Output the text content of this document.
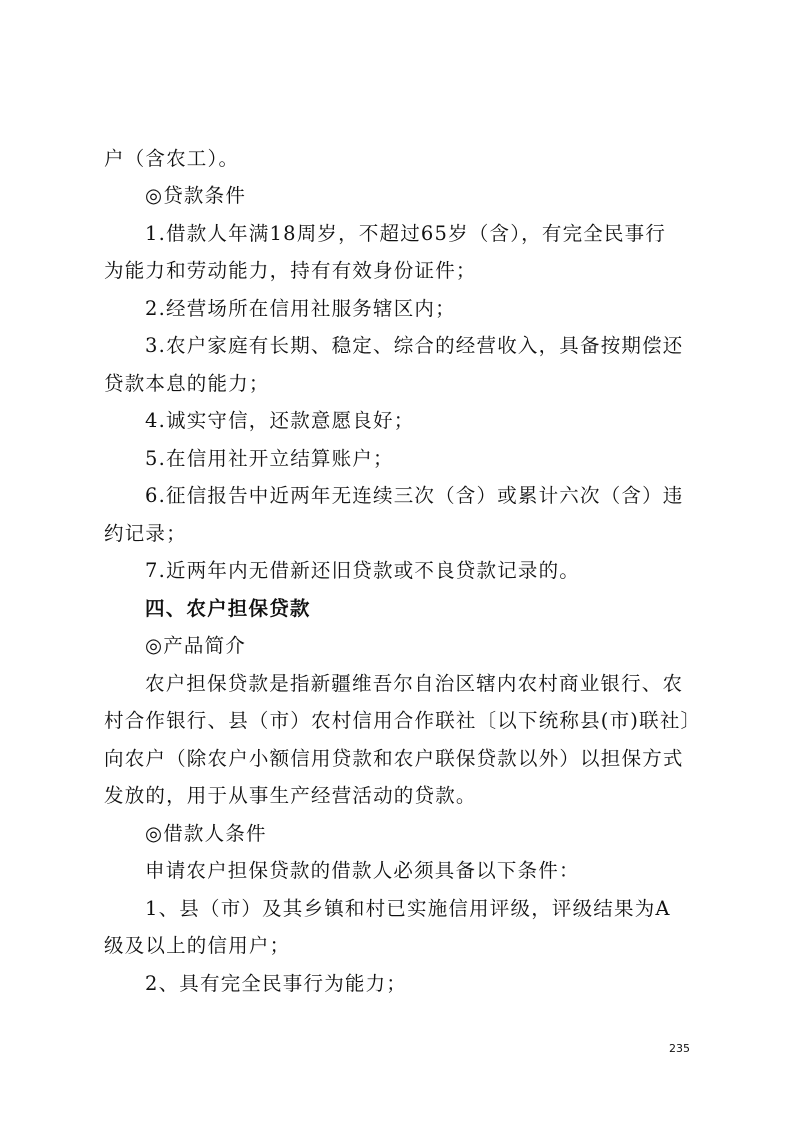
户（含农工）。
◎贷款条件
1.借款人年满18周岁，不超过65岁（含），有完全民事行
为能力和劳动能力，持有有效身份证件；
2.经营场所在信用社服务辖区内；
3.农户家庭有长期、稳定、综合的经营收入，具备按期偿还
贷款本息的能力；
4.诚实守信，还款意愿良好；
5.在信用社开立结算账户；
6.征信报告中近两年无连续三次（含）或累计六次（含）违
约记录；
7.近两年内无借新还旧贷款或不良贷款记录的。
四、农户担保贷款
◎产品简介
农户担保贷款是指新疆维吾尔自治区辖内农村商业银行、农
村合作银行、县（市）农村信用合作联社〔以下统称县(市)联社〕
向农户（除农户小额信用贷款和农户联保贷款以外）以担保方式
发放的，用于从事生产经营活动的贷款。
◎借款人条件
申请农户担保贷款的借款人必须具备以下条件：
1、县（市）及其乡镇和村已实施信用评级，评级结果为A
级及以上的信用户；
2、具有完全民事行为能力；
235
